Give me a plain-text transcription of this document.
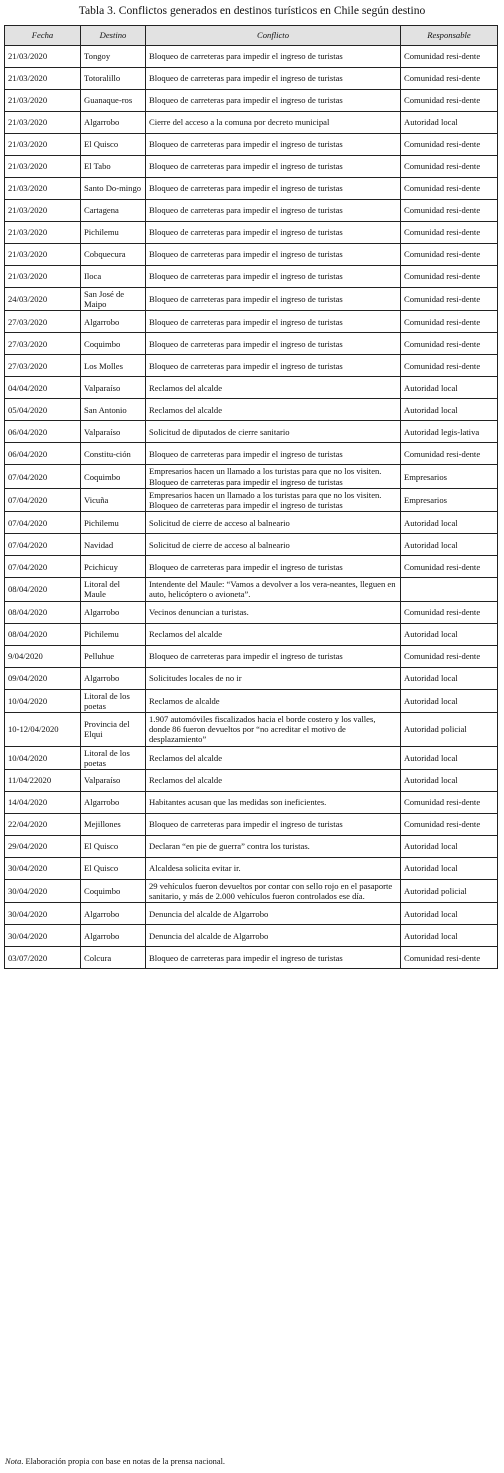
Tabla 3. Conflictos generados en destinos turísticos en Chile según destino
Fecha	Destino	Conflicto	Responsable
21/03/2020	Tongoy	Bloqueo de carreteras para impedir el ingreso de turistas	Comunidad resi-dente
21/03/2020	Totoralillo	Bloqueo de carreteras para impedir el ingreso de turistas	Comunidad resi-dente
21/03/2020	Guanaque-ros	Bloqueo de carreteras para impedir el ingreso de turistas	Comunidad resi-dente
21/03/2020	Algarrobo	Cierre del acceso a la comuna por decreto municipal	Autoridad local
21/03/2020	El Quisco	Bloqueo de carreteras para impedir el ingreso de turistas	Comunidad resi-dente
21/03/2020	El Tabo	Bloqueo de carreteras para impedir el ingreso de turistas	Comunidad resi-dente
21/03/2020	Santo Do-mingo	Bloqueo de carreteras para impedir el ingreso de turistas	Comunidad resi-dente
21/03/2020	Cartagena	Bloqueo de carreteras para impedir el ingreso de turistas	Comunidad resi-dente
21/03/2020	Pichilemu	Bloqueo de carreteras para impedir el ingreso de turistas	Comunidad resi-dente
21/03/2020	Cobquecura	Bloqueo de carreteras para impedir el ingreso de turistas	Comunidad resi-dente
21/03/2020	Iloca	Bloqueo de carreteras para impedir el ingreso de turistas	Comunidad resi-dente
24/03/2020	San José de Maipo	Bloqueo de carreteras para impedir el ingreso de turistas	Comunidad resi-dente
27/03/2020	Algarrobo	Bloqueo de carreteras para impedir el ingreso de turistas	Comunidad resi-dente
27/03/2020	Coquimbo	Bloqueo de carreteras para impedir el ingreso de turistas	Comunidad resi-dente
27/03/2020	Los Molles	Bloqueo de carreteras para impedir el ingreso de turistas	Comunidad resi-dente
04/04/2020	Valparaíso	Reclamos del alcalde	Autoridad local
05/04/2020	San Antonio	Reclamos del alcalde	Autoridad local
06/04/2020	Valparaíso	Solicitud de diputados de cierre sanitario	Autoridad legis-lativa
06/04/2020	Constitu-ción	Bloqueo de carreteras para impedir el ingreso de turistas	Comunidad resi-dente
07/04/2020	Coquimbo	Empresarios hacen un llamado a los turistas para que no los visiten.
Bloqueo de carreteras para impedir el ingreso de turistas	Empresarios
07/04/2020	Vicuña	Empresarios hacen un llamado a los turistas para que no los visiten.
Bloqueo de carreteras para impedir el ingreso de turistas	Empresarios
07/04/2020	Pichilemu	Solicitud de cierre de acceso al balneario	Autoridad local
07/04/2020	Navidad	Solicitud de cierre de acceso al balneario	Autoridad local
07/04/2020	Pcichicuy	Bloqueo de carreteras para impedir el ingreso de turistas	Comunidad resi-dente
08/04/2020	Litoral del Maule	Intendente del Maule: “Vamos a devolver a los vera-neantes, lleguen en auto, helicóptero o avioneta”.	

08/04/2020	Algarrobo	Vecinos denuncian a turistas.	Comunidad resi-dente
08/04/2020	Pichilemu	Reclamos del alcalde	Autoridad local
9/04/2020	Pelluhue	Bloqueo de carreteras para impedir el ingreso de turistas	Comunidad resi-dente
09/04/2020	Algarrobo	Solicitudes locales de no ir	Autoridad local
10/04/2020	Litoral de los poetas	Reclamos de alcalde	Autoridad local
10-12/04/2020	Provincia del Elqui	1.907 automóviles fiscalizados hacia el borde costero y los valles, donde 86 fueron devueltos por “no acreditar el motivo de desplazamiento”	Autoridad policial
10/04/2020	Litoral de los poetas	Reclamos del alcalde	Autoridad local
11/04/22020	Valparaíso	Reclamos del alcalde	Autoridad local
14/04/2020	Algarrobo	Habitantes acusan que las medidas son ineficientes.	Comunidad resi-dente
22/04/2020	Mejillones	Bloqueo de carreteras para impedir el ingreso de turistas	Comunidad resi-dente
29/04/2020	El Quisco	Declaran “en pie de guerra” contra los turistas.	Autoridad local
30/04/2020	El Quisco	Alcaldesa solicita evitar ir.	Autoridad local
30/04/2020	Coquimbo	29 vehículos fueron devueltos por contar con sello rojo en el pasaporte sanitario, y más de 2.000 vehículos fueron controlados ese día.	Autoridad policial
30/04/2020	Algarrobo	Denuncia del alcalde de Algarrobo	Autoridad local
30/04/2020	Algarrobo	Denuncia del alcalde de Algarrobo	Autoridad local
03/07/2020	Colcura	Bloqueo de carreteras para impedir el ingreso de turistas	Comunidad resi-dente
Nota. Elaboración propia con base en notas de la prensa nacional.
